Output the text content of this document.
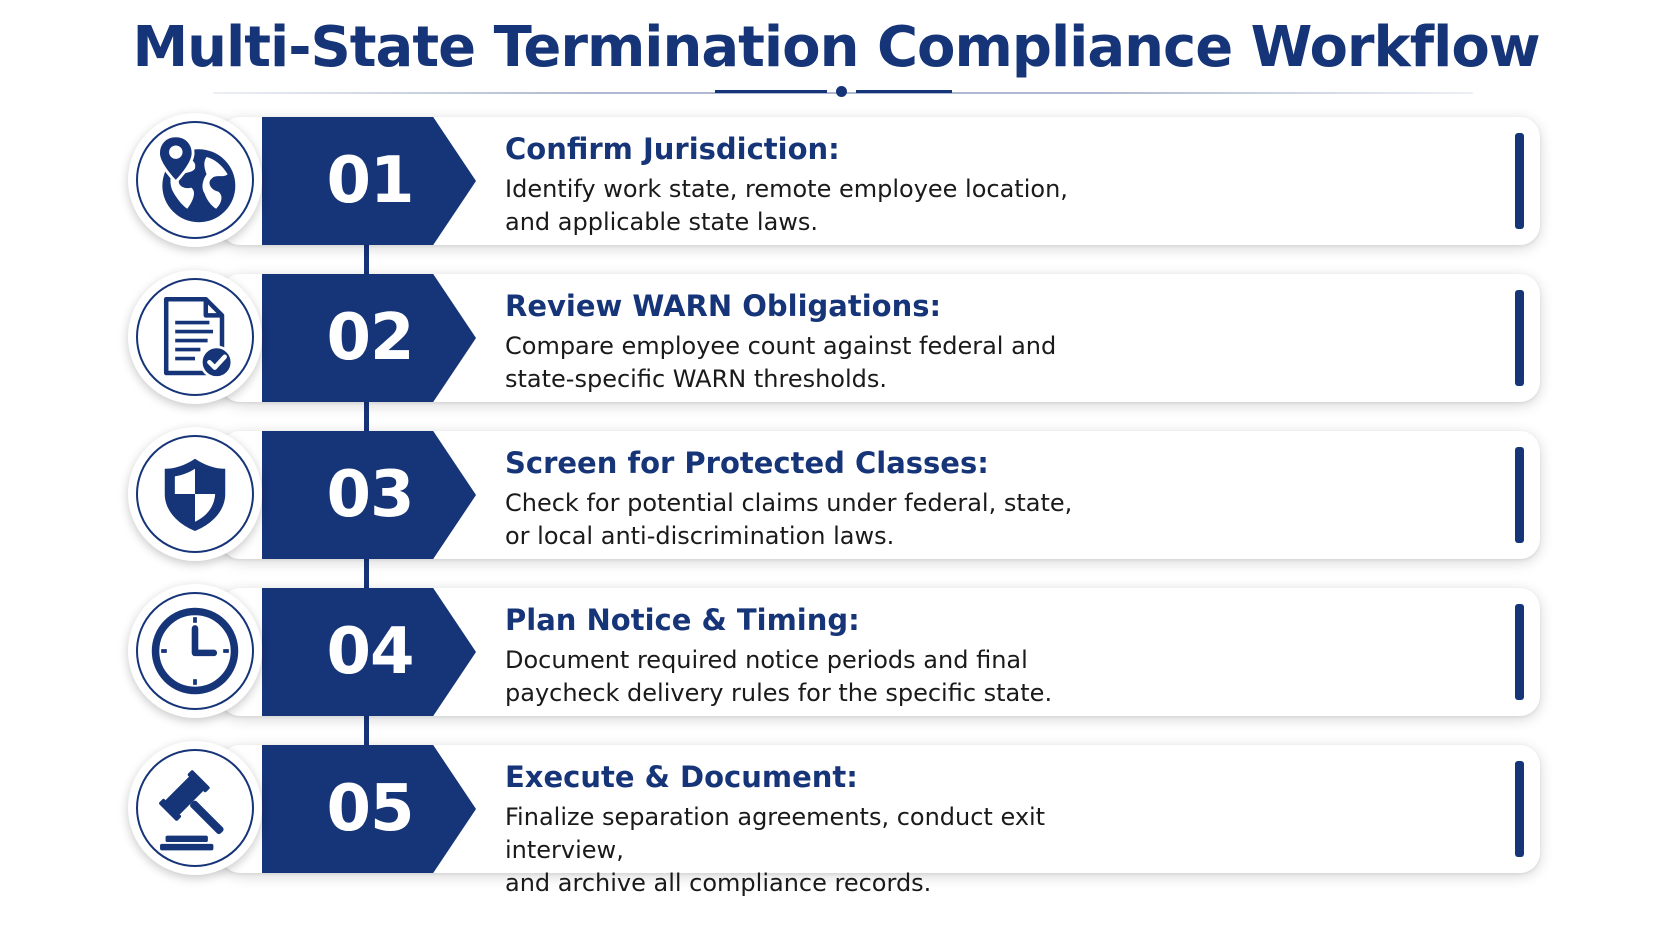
Multi-State Termination Compliance Workflow
01	Confirm Jurisdiction:
Identify work state, remote employee location,
and applicable state laws.
02	Review WARN Obligations:
Compare employee count against federal and
state-specific WARN thresholds.
03	Screen for Protected Classes:
Check for potential claims under federal, state,
or local anti-discrimination laws.
04	Plan Notice & Timing:
Document required notice periods and final
paycheck delivery rules for the specific state.
05	Execute & Document:
Finalize separation agreements, conduct exit interview,
and archive all compliance records.
